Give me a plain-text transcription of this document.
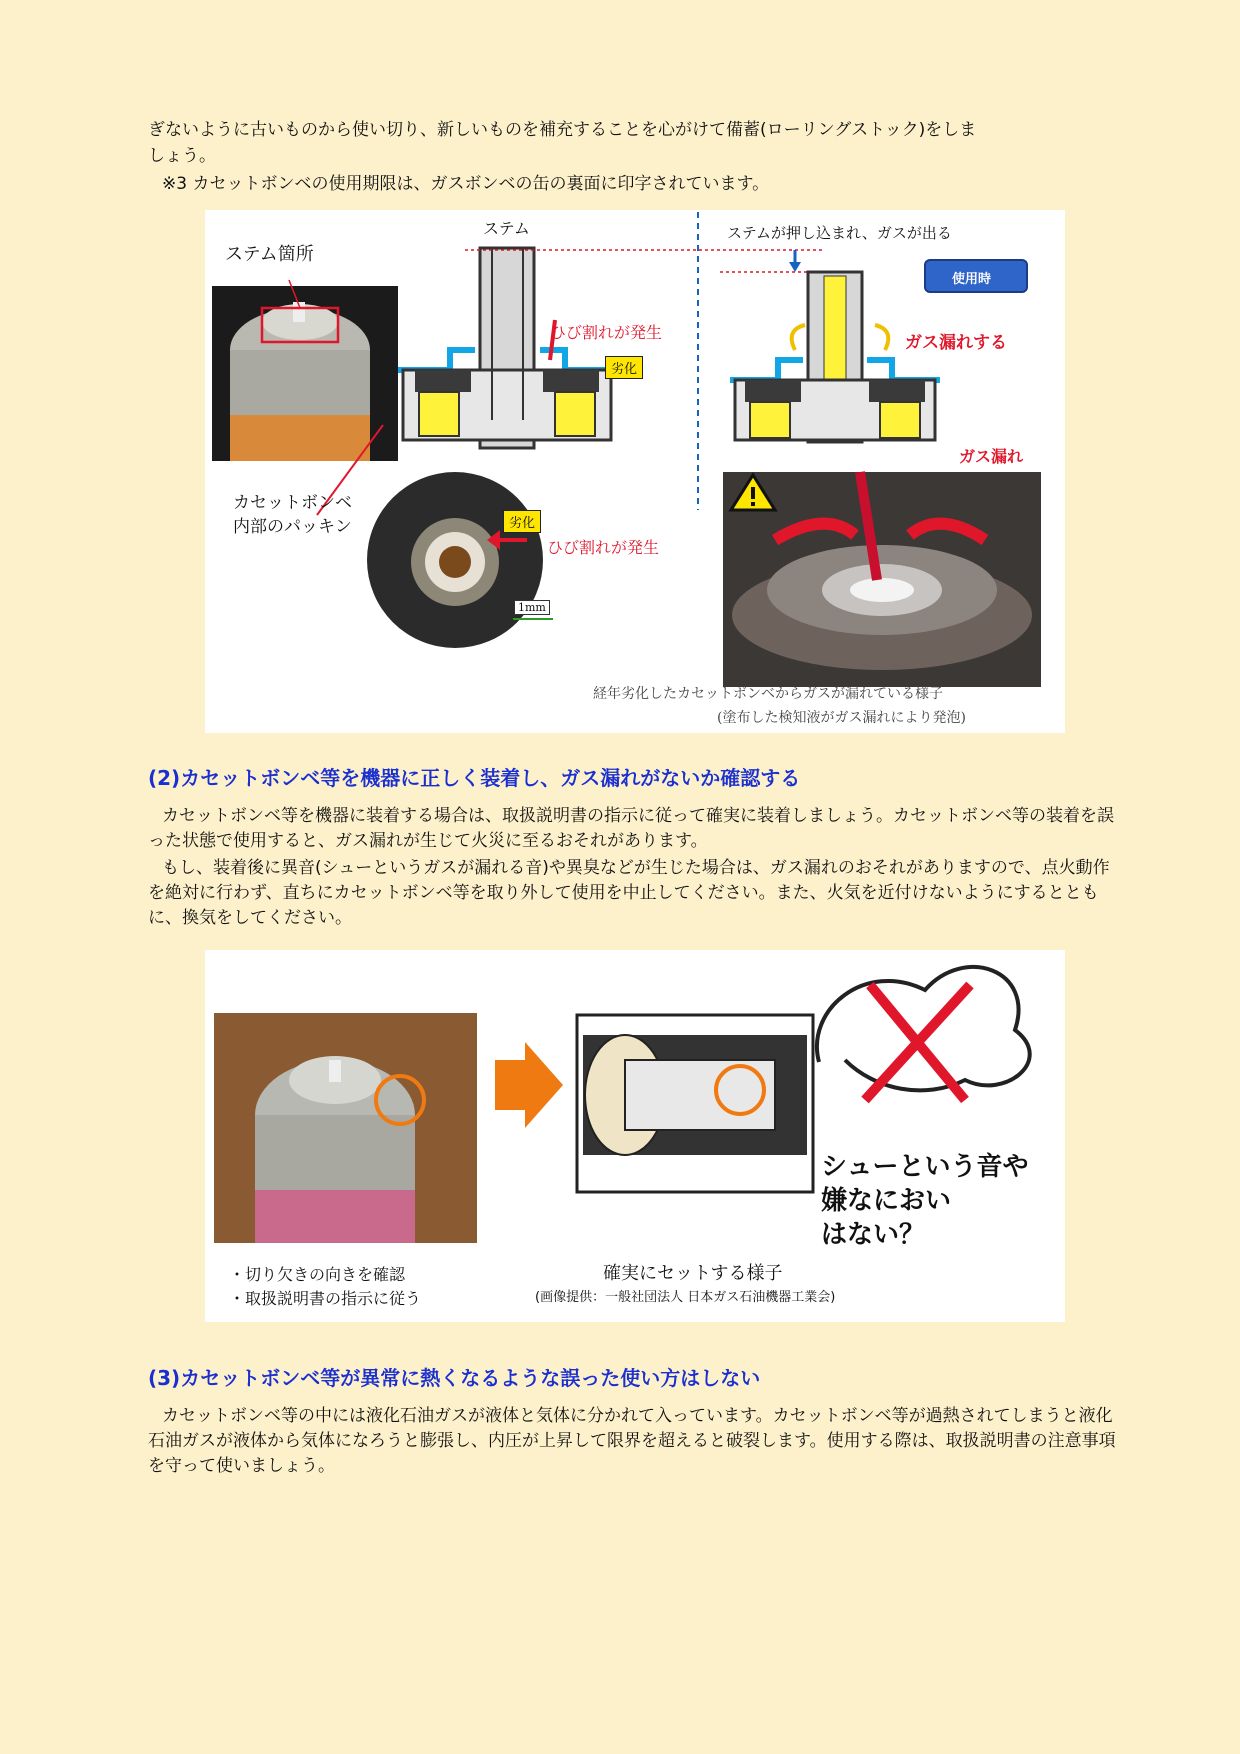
ぎないように古いものから使い切り、新しいものを補充することを心がけて備蓄(ローリングストック)をしま

しょう。

※3 カセットボンベの使用期限は、ガスボンベの缶の裏面に印字されています。

ステム箇所
ステム	ステムが押し込まれ、ガスが出る
使用時
ひび割れが発生
劣化
ガス漏れする
ガス漏れ
カセットボンベ
内部のパッキン	劣化
ひび割れが発生
1mm
経年劣化したカセットボンベからガスが漏れている様子
(塗布した検知液がガス漏れにより発泡)
(2)カセットボンベ等を機器に正しく装着し、ガス漏れがないか確認する

カセットボンベ等を機器に装着する場合は、取扱説明書の指示に従って確実に装着しましょう。カセットボンベ等の装着を誤った状態で使用すると、ガス漏れが生じて火災に至るおそれがあります。

もし、装着後に異音(シューというガスが漏れる音)や異臭などが生じた場合は、ガス漏れのおそれがありますので、点火動作を絶対に行わず、直ちにカセットボンベ等を取り外して使用を中止してください。また、火気を近付けないようにするとともに、換気をしてください。

シューという音や
嫌なにおい
はない？
・切り欠きの向きを確認
・取扱説明書の指示に従う
確実にセットする様子
(画像提供：一般社団法人 日本ガス石油機器工業会)
(3)カセットボンベ等が異常に熱くなるような誤った使い方はしない

カセットボンベ等の中には液化石油ガスが液体と気体に分かれて入っています。カセットボンベ等が過熱されてしまうと液化石油ガスが液体から気体になろうと膨張し、内圧が上昇して限界を超えると破裂します。使用する際は、取扱説明書の注意事項を守って使いましょう。
